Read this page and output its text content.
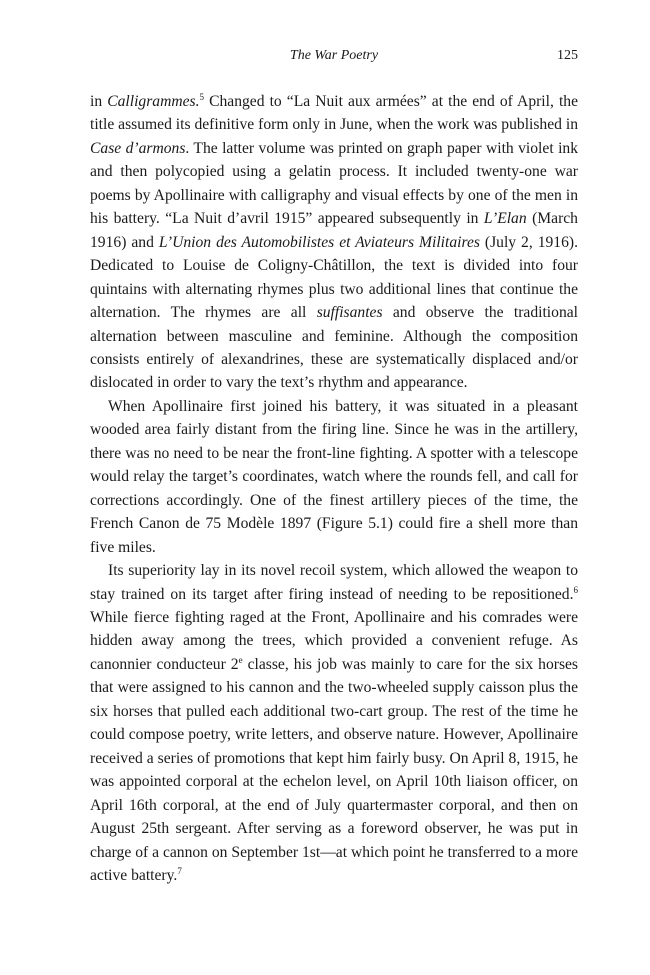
The War Poetry	125

in Calligrammes.$^5$ Changed to “La Nuit aux armées” at the end of April, the title assumed its definitive form only in June, when the work was published in Case d’armons. The latter volume was printed on graph paper with violet ink and then polycopied using a gelatin process. It included twenty-one war poems by Apollinaire with calligraphy and visual effects by one of the men in his battery. “La Nuit d’avril 1915” appeared subsequently in L’Elan (March 1916) and L’Union des Automobilistes et Aviateurs Militaires (July 2, 1916). Dedicated to Louise de Coligny-Châtillon, the text is divided into four quintains with alternating rhymes plus two additional lines that continue the alternation. The rhymes are all suffisantes and observe the traditional alternation between masculine and feminine. Although the composition consists entirely of alexandrines, these are systematically displaced and/or dislocated in order to vary the text’s rhythm and appearance.

When Apollinaire first joined his battery, it was situated in a pleasant wooded area fairly distant from the firing line. Since he was in the artillery, there was no need to be near the front-line fighting. A spotter with a telescope would relay the target’s coordinates, watch where the rounds fell, and call for corrections accordingly. One of the finest artillery pieces of the time, the French Canon de 75 Modèle 1897 (Figure 5.1) could fire a shell more than five miles.

Its superiority lay in its novel recoil system, which allowed the weapon to stay trained on its target after firing instead of needing to be repositioned.$^6$ While fierce fighting raged at the Front, Apollinaire and his comrades were hidden away among the trees, which provided a convenient refuge. As canonnier conducteur 2e classe, his job was mainly to care for the six horses that were assigned to his cannon and the two-wheeled supply caisson plus the six horses that pulled each additional two-cart group. The rest of the time he could compose poetry, write letters, and observe nature. However, Apollinaire received a series of promotions that kept him fairly busy. On April 8, 1915, he was appointed corporal at the echelon level, on April 10th liaison officer, on April 16th corporal, at the end of July quartermaster corporal, and then on August 25th sergeant. After serving as a foreword observer, he was put in charge of a cannon on September 1st—at which point he transferred to a more active battery.$^7$
